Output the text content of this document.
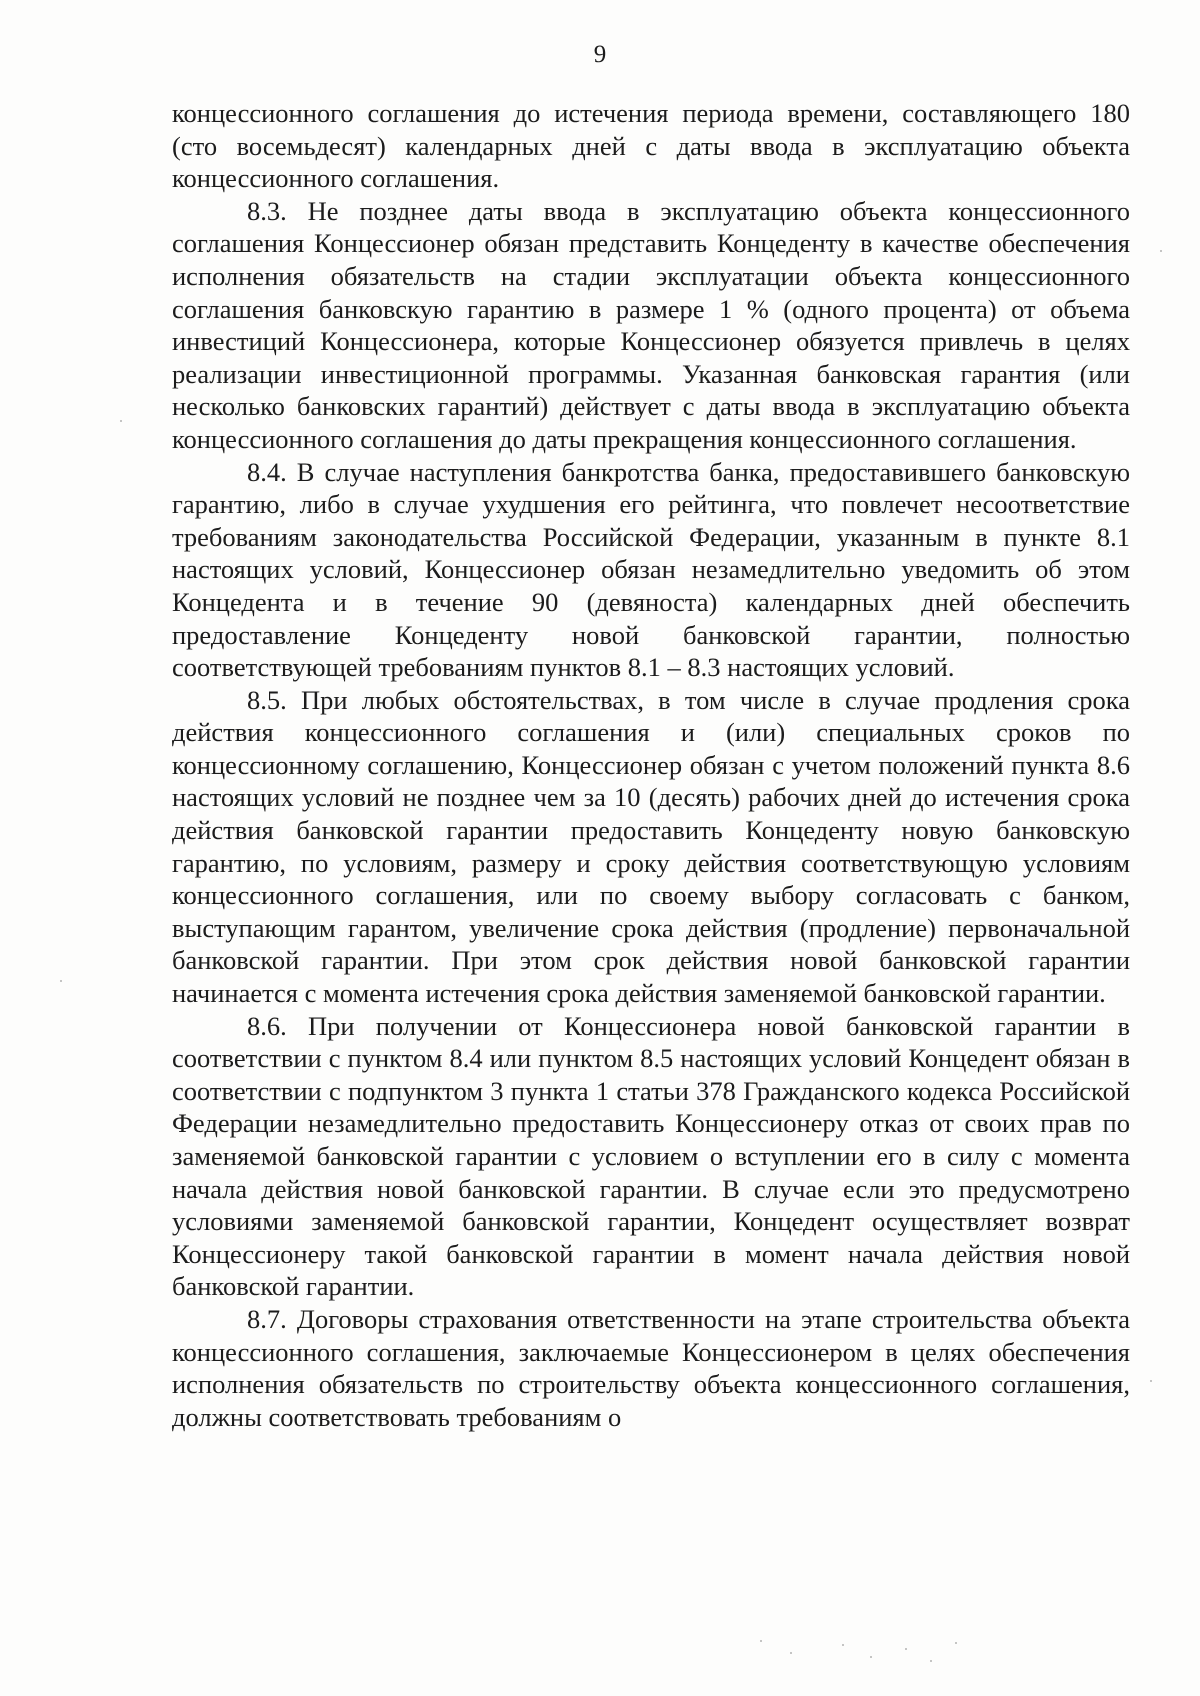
9

концессионного соглашения до истечения периода времени, составляющего 180 (сто восемьдесят) календарных дней с даты ввода в эксплуатацию объекта концессионного соглашения.

8.3. Не позднее даты ввода в эксплуатацию объекта концессионного соглашения Концессионер обязан представить Концеденту в качестве обеспечения исполнения обязательств на стадии эксплуатации объекта концессионного соглашения банковскую гарантию в размере 1 % (одного процента) от объема инвестиций Концессионера, которые Концессионер обязуется привлечь в целях реализации инвестиционной программы. Указанная банковская гарантия (или несколько банковских гарантий) действует с даты ввода в эксплуатацию объекта концессионного соглашения до даты прекращения концессионного соглашения.

8.4. В случае наступления банкротства банка, предоставившего банковскую гарантию, либо в случае ухудшения его рейтинга, что повлечет несоответствие требованиям законодательства Российской Федерации, указанным в пункте 8.1 настоящих условий, Концессионер обязан незамедлительно уведомить об этом Концедента и в течение 90 (девяноста) календарных дней обеспечить предоставление Концеденту новой банковской гарантии, полностью соответствующей требованиям пунктов 8.1 – 8.3 настоящих условий.

8.5. При любых обстоятельствах, в том числе в случае продления срока действия концессионного соглашения и (или) специальных сроков по концессионному соглашению, Концессионер обязан с учетом положений пункта 8.6 настоящих условий не позднее чем за 10 (десять) рабочих дней до истечения срока действия банковской гарантии предоставить Концеденту новую банковскую гарантию, по условиям, размеру и сроку действия соответствующую условиям концессионного соглашения, или по своему выбору согласовать с банком, выступающим гарантом, увеличение срока действия (продление) первоначальной банковской гарантии. При этом срок действия новой банковской гарантии начинается с момента истечения срока действия заменяемой банковской гарантии.

8.6. При получении от Концессионера новой банковской гарантии в соответствии с пунктом 8.4 или пунктом 8.5 настоящих условий Концедент обязан в соответствии с подпунктом 3 пункта 1 статьи 378 Гражданского кодекса Российской Федерации незамедлительно предоставить Концессионеру отказ от своих прав по заменяемой банковской гарантии с условием о вступлении его в силу с момента начала действия новой банковской гарантии. В случае если это предусмотрено условиями заменяемой банковской гарантии, Концедент осуществляет возврат Концессионеру такой банковской гарантии в момент начала действия новой банковской гарантии.

8.7. Договоры страхования ответственности на этапе строительства объекта концессионного соглашения, заключаемые Концессионером в целях обеспечения исполнения обязательств по строительству объекта концессионного соглашения, должны соответствовать требованиям о
